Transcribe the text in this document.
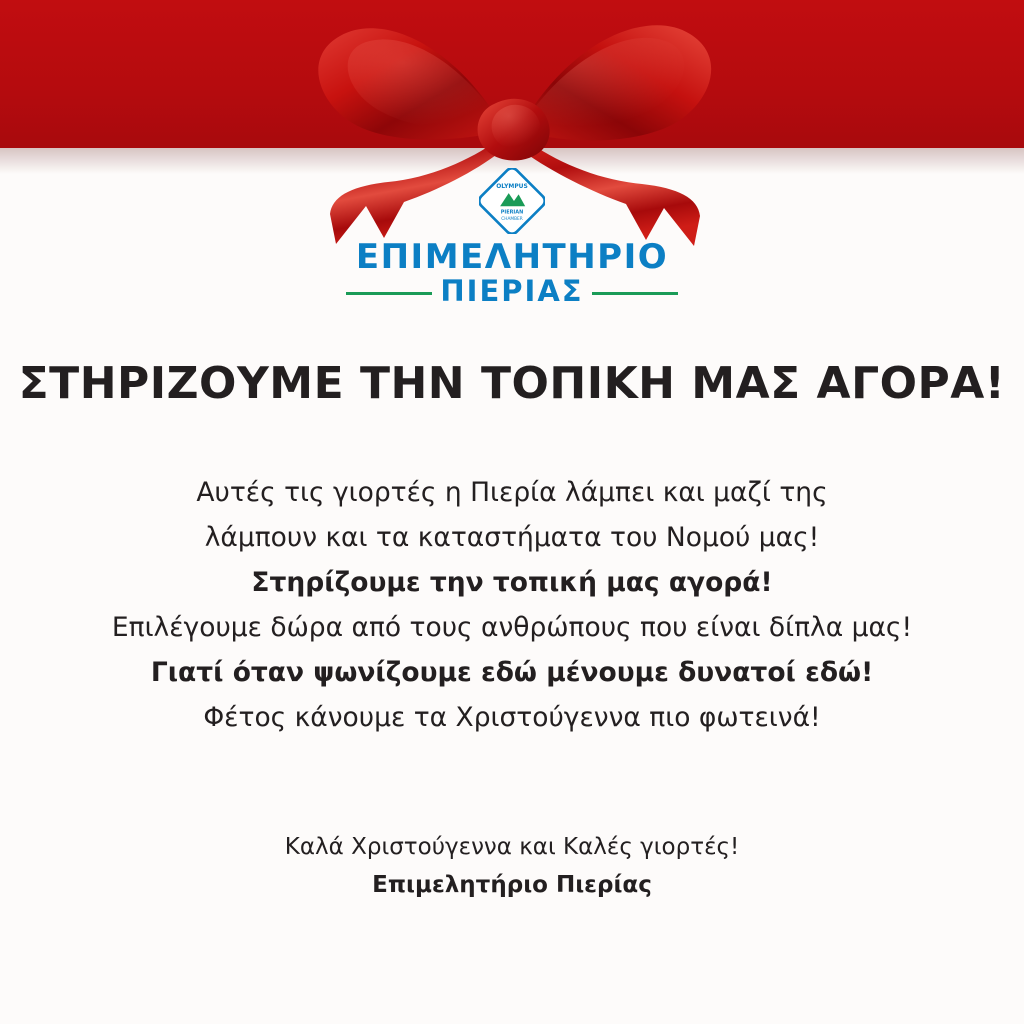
OLYMPUS
PIERIAN
CHAMBER
ΕΠΙΜΕΛΗΤΗΡΙΟ
ΠΙΕΡΙΑΣ
ΣΤΗΡΙΖΟΥΜΕ ΤΗΝ ΤΟΠΙΚΗ ΜΑΣ ΑΓΟΡΑ!
Αυτές τις γιορτές η Πιερία λάμπει και μαζί της
λάμπουν και τα καταστήματα του Νομού μας!
Στηρίζουμε την τοπική μας αγορά!
Επιλέγουμε δώρα από τους ανθρώπους που είναι δίπλα μας!
Γιατί όταν ψωνίζουμε εδώ μένουμε δυνατοί εδώ!
Φέτος κάνουμε τα Χριστούγεννα πιο φωτεινά!
Καλά Χριστούγεννα και Καλές γιορτές!
Επιμελητήριο Πιερίας
